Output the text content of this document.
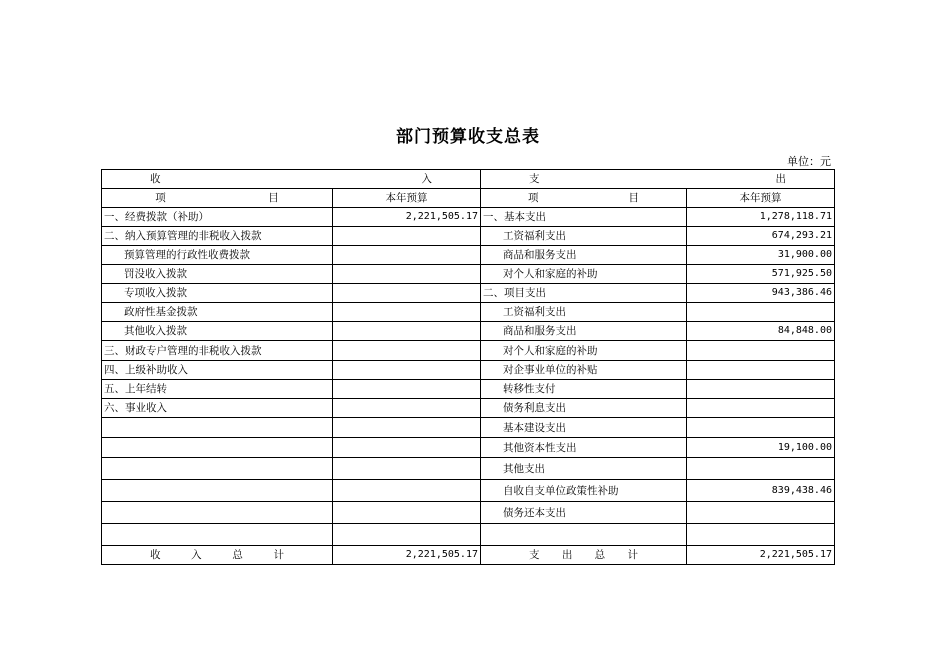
部门预算收支总表
单位：元
收 入		支 出	

项 目	本年预算	项 目	本年预算
一、经费拨款（补助）	2,221,505.17	一、基本支出	1,278,118.71
二、纳入预算管理的非税收入拨款		工资福利支出	674,293.21
预算管理的行政性收费拨款		商品和服务支出	31,900.00
罚没收入拨款		对个人和家庭的补助	571,925.50
专项收入拨款		二、项目支出	943,386.46
政府性基金拨款		工资福利支出	
其他收入拨款		商品和服务支出	84,848.00
三、财政专户管理的非税收入拨款		对个人和家庭的补助	
四、上级补助收入		对企事业单位的补贴	
五、上年结转		转移性支付	
六、事业收入		债务利息支出	
		基本建设支出	
		其他资本性支出	19,100.00
		其他支出	
		自收自支单位政策性补助	839,438.46
		债务还本支出	

收 入 总 计	2,221,505.17	支 出 总 计	2,221,505.17
